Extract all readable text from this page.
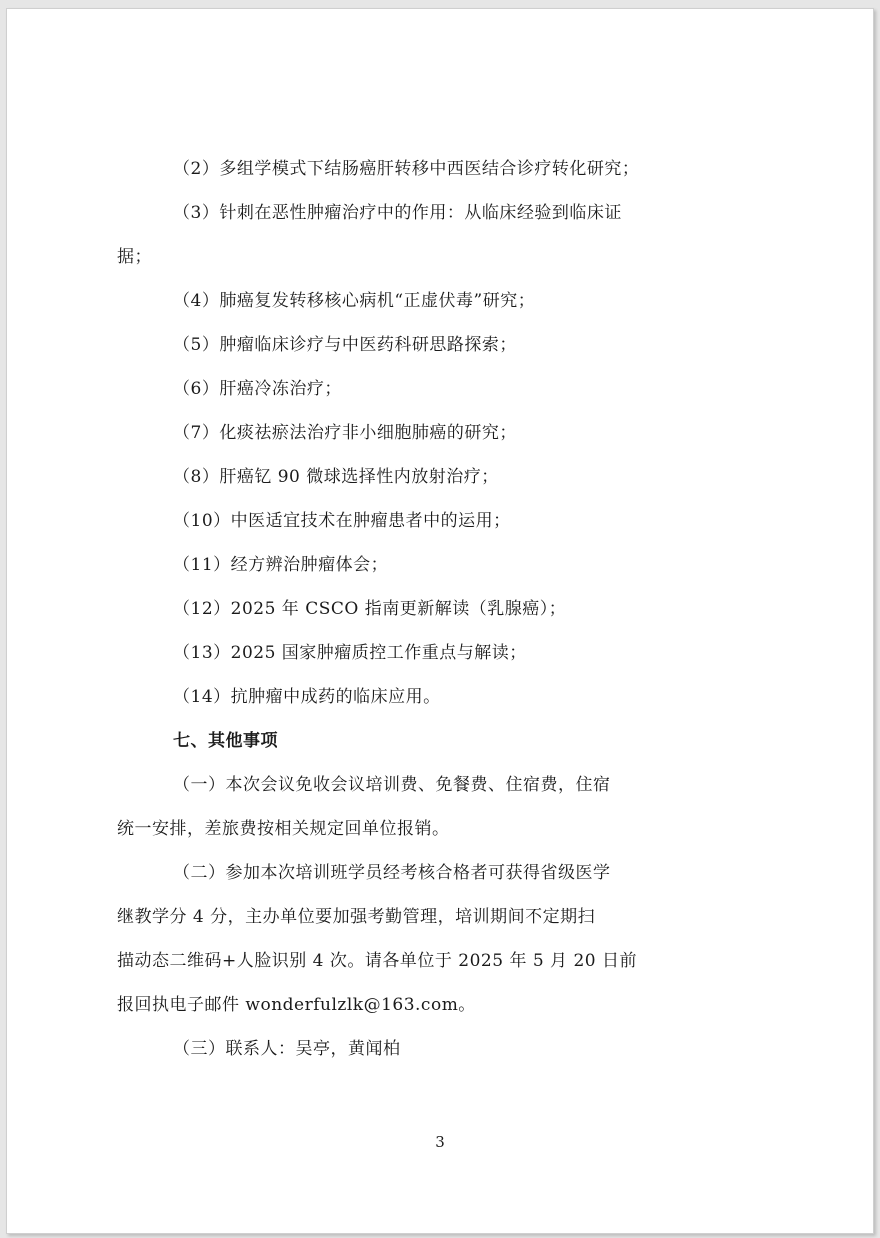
（2）多组学模式下结肠癌肝转移中西医结合诊疗转化研究；

（3）针刺在恶性肿瘤治疗中的作用：从临床经验到临床证

据；

（4）肺癌复发转移核心病机“正虚伏毒”研究；

（5）肿瘤临床诊疗与中医药科研思路探索；

（6）肝癌冷冻治疗；

（7）化痰祛瘀法治疗非小细胞肺癌的研究；

（8）肝癌钇 90 微球选择性内放射治疗；

（10）中医适宜技术在肿瘤患者中的运用；

（11）经方辨治肿瘤体会；

（12）2025 年 CSCO 指南更新解读（乳腺癌）；

（13）2025 国家肿瘤质控工作重点与解读；

（14）抗肿瘤中成药的临床应用。

七、其他事项

（一）本次会议免收会议培训费、免餐费、住宿费，住宿

统一安排，差旅费按相关规定回单位报销。

（二）参加本次培训班学员经考核合格者可获得省级医学

继教学分 4 分，主办单位要加强考勤管理，培训期间不定期扫

描动态二维码+人脸识别 4 次。请各单位于 2025 年 5 月 20 日前

报回执电子邮件 wonderfulzlk@163.com。

（三）联系人：吴亭，黄闻柏

3
